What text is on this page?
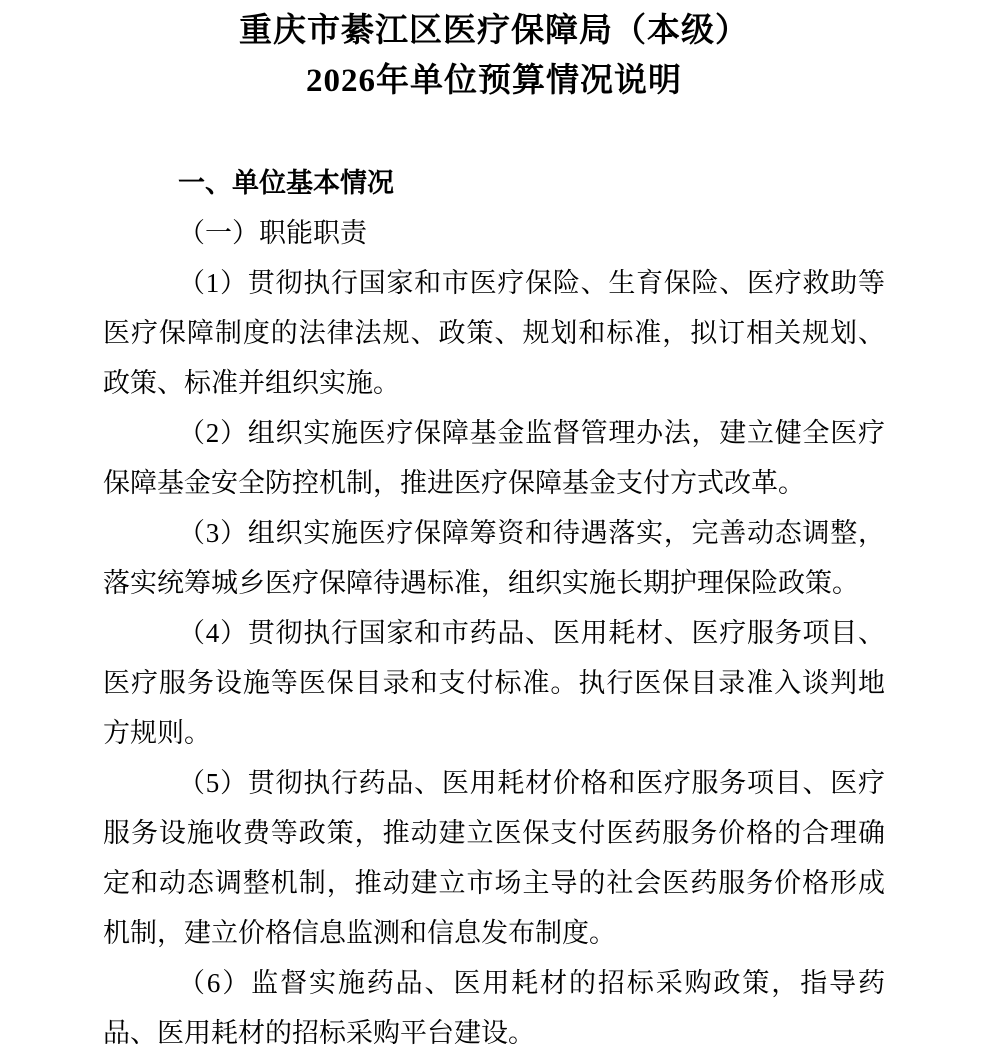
重庆市綦江区医疗保障局（本级）
2026年单位预算情况说明
一、单位基本情况
（一）职能职责

（1）贯彻执行国家和市医疗保险、生育保险、医疗救助等医疗保障制度的法律法规、政策、规划和标准，拟订相关规划、政策、标准并组织实施。

（2）组织实施医疗保障基金监督管理办法，建立健全医疗保障基金安全防控机制，推进医疗保障基金支付方式改革。

（3）组织实施医疗保障筹资和待遇落实，完善动态调整，落实统筹城乡医疗保障待遇标准，组织实施长期护理保险政策。

（4）贯彻执行国家和市药品、医用耗材、医疗服务项目、医疗服务设施等医保目录和支付标准。执行医保目录准入谈判地方规则。

（5）贯彻执行药品、医用耗材价格和医疗服务项目、医疗服务设施收费等政策，推动建立医保支付医药服务价格的合理确定和动态调整机制，推动建立市场主导的社会医药服务价格形成机制，建立价格信息监测和信息发布制度。

（6）监督实施药品、医用耗材的招标采购政策，指导药品、医用耗材的招标采购平台建设。
